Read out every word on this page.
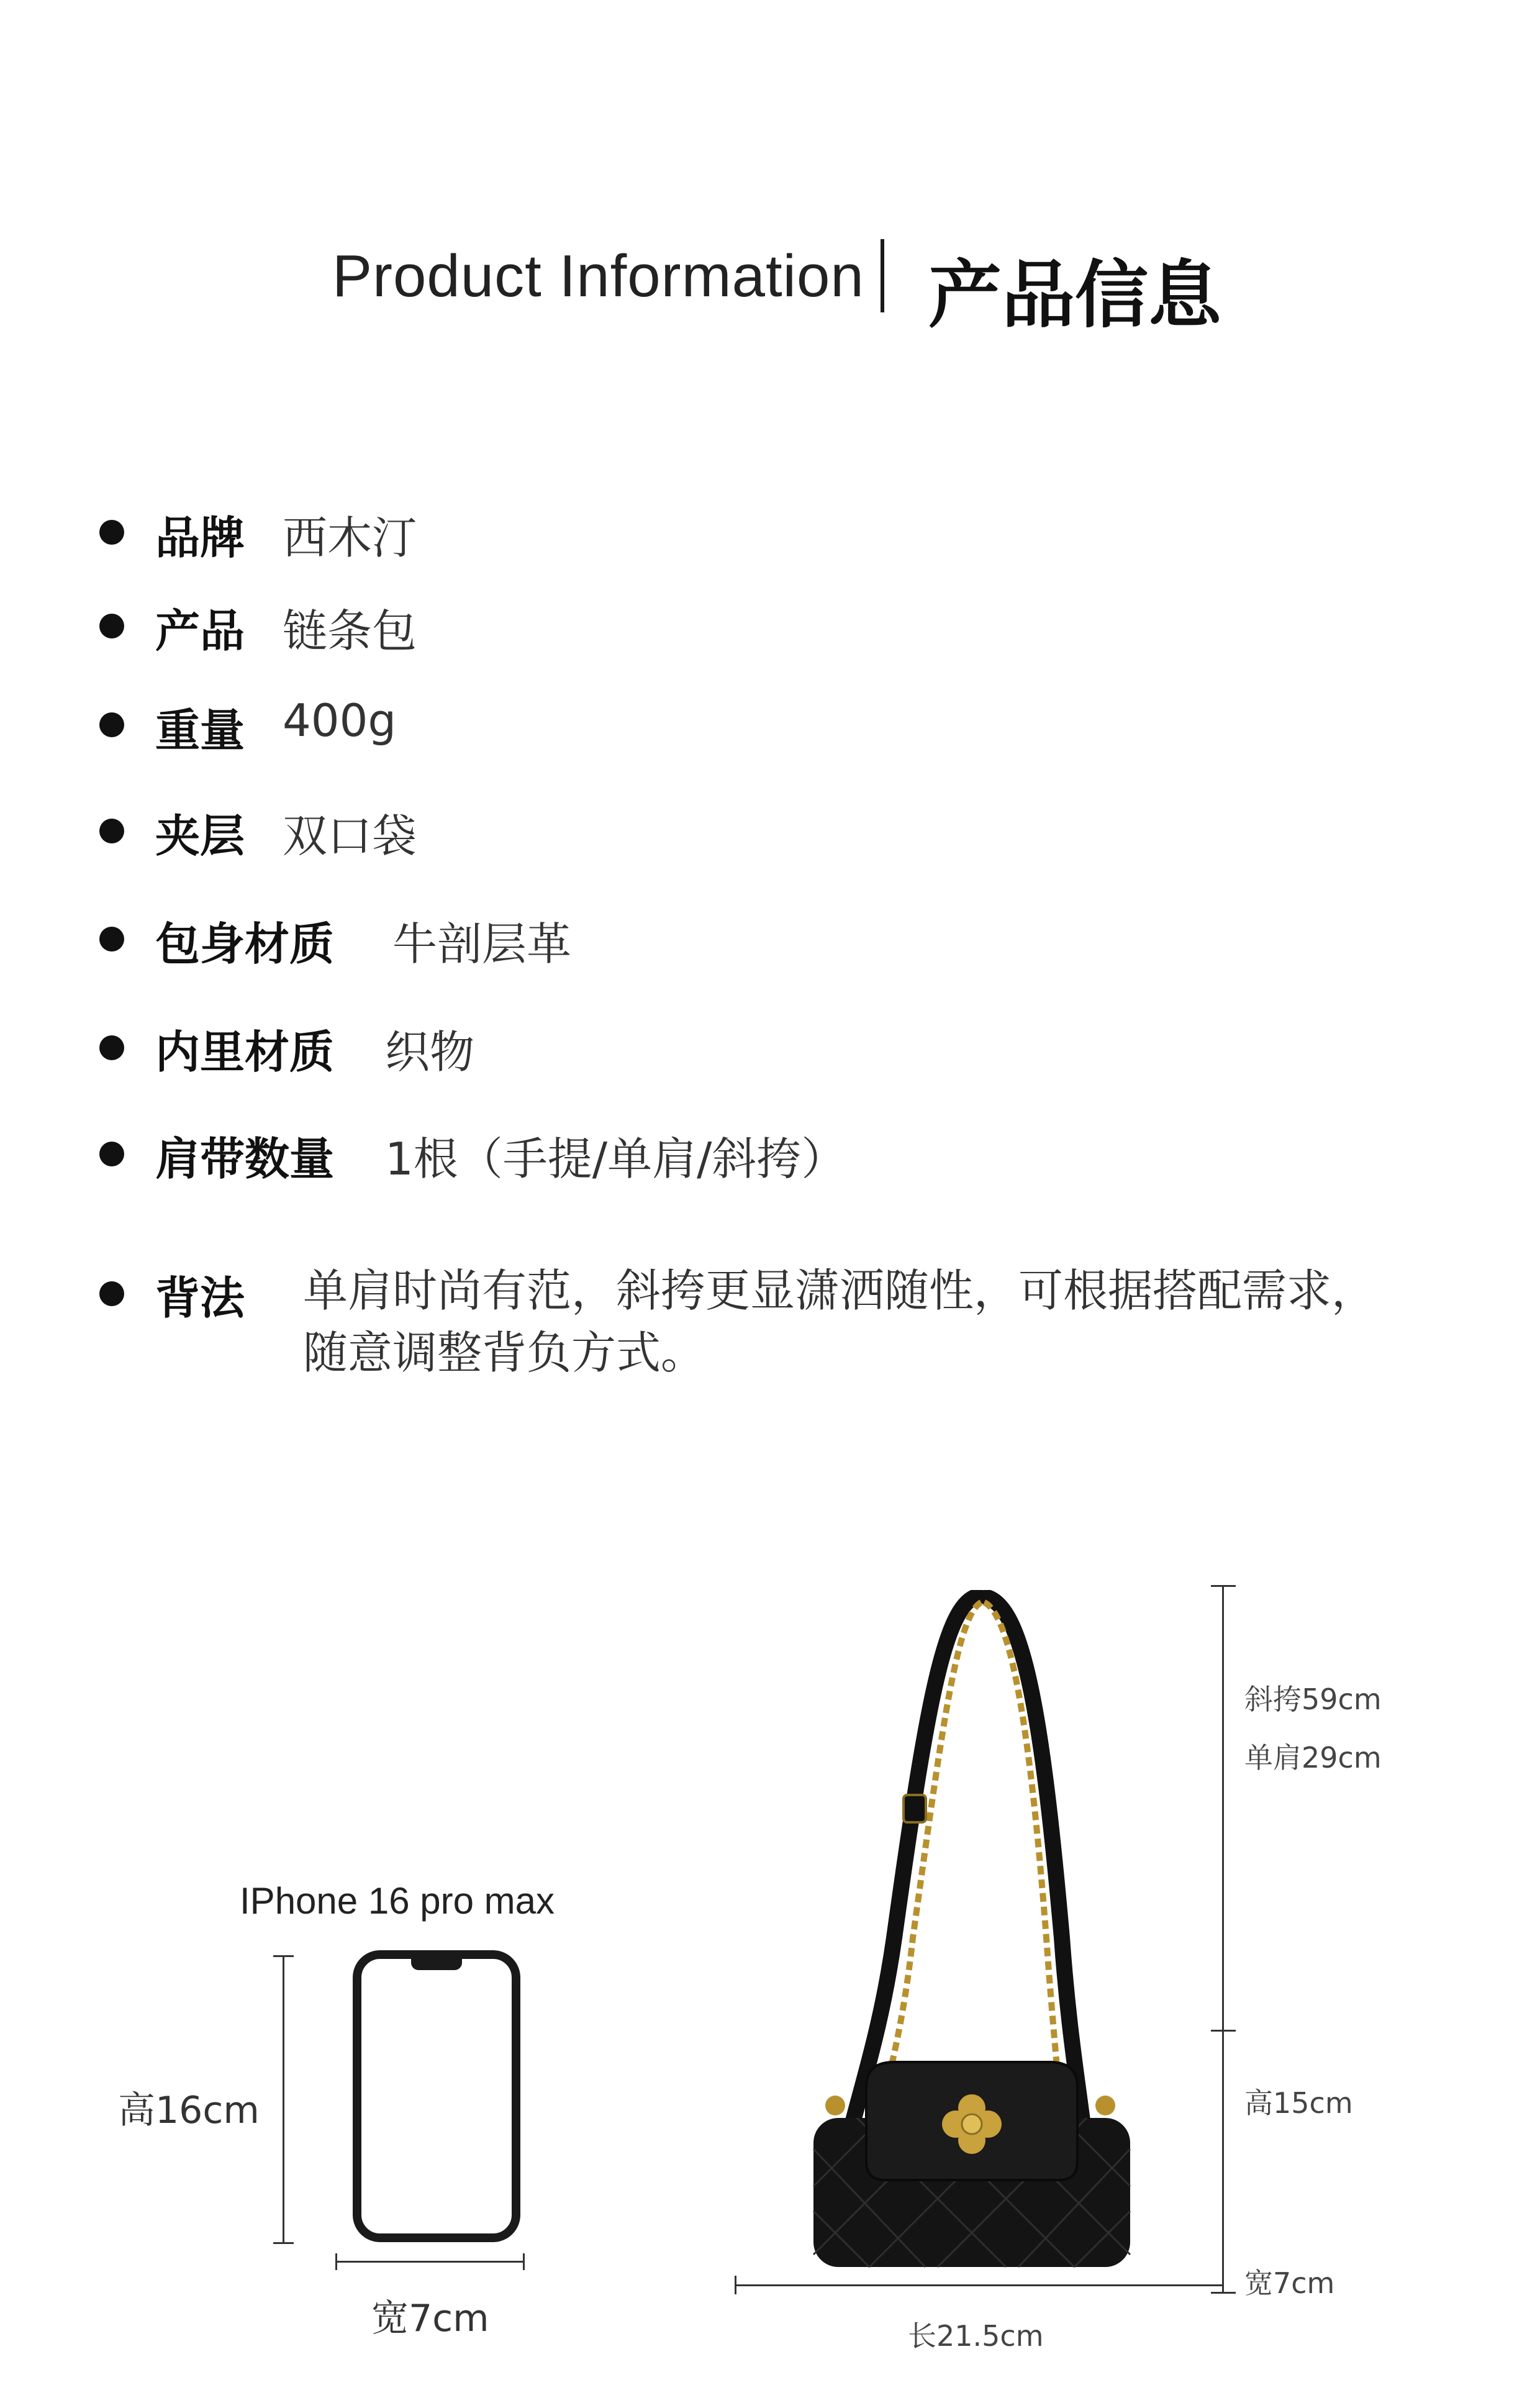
Product Information 产品信息
品牌 西木汀
产品 链条包
重量 400g
夹层 双口袋
包身材质 牛剖层革
内里材质 织物
肩带数量 1根（手提/单肩/斜挎）
背法 单肩时尚有范，斜挎更显潇洒随性，可根据搭配需求，
随意调整背负方式。
IPhone 16 pro max
高16cm
宽7cm
斜挎59cm
单肩29cm
高15cm
宽7cm
长21.5cm
